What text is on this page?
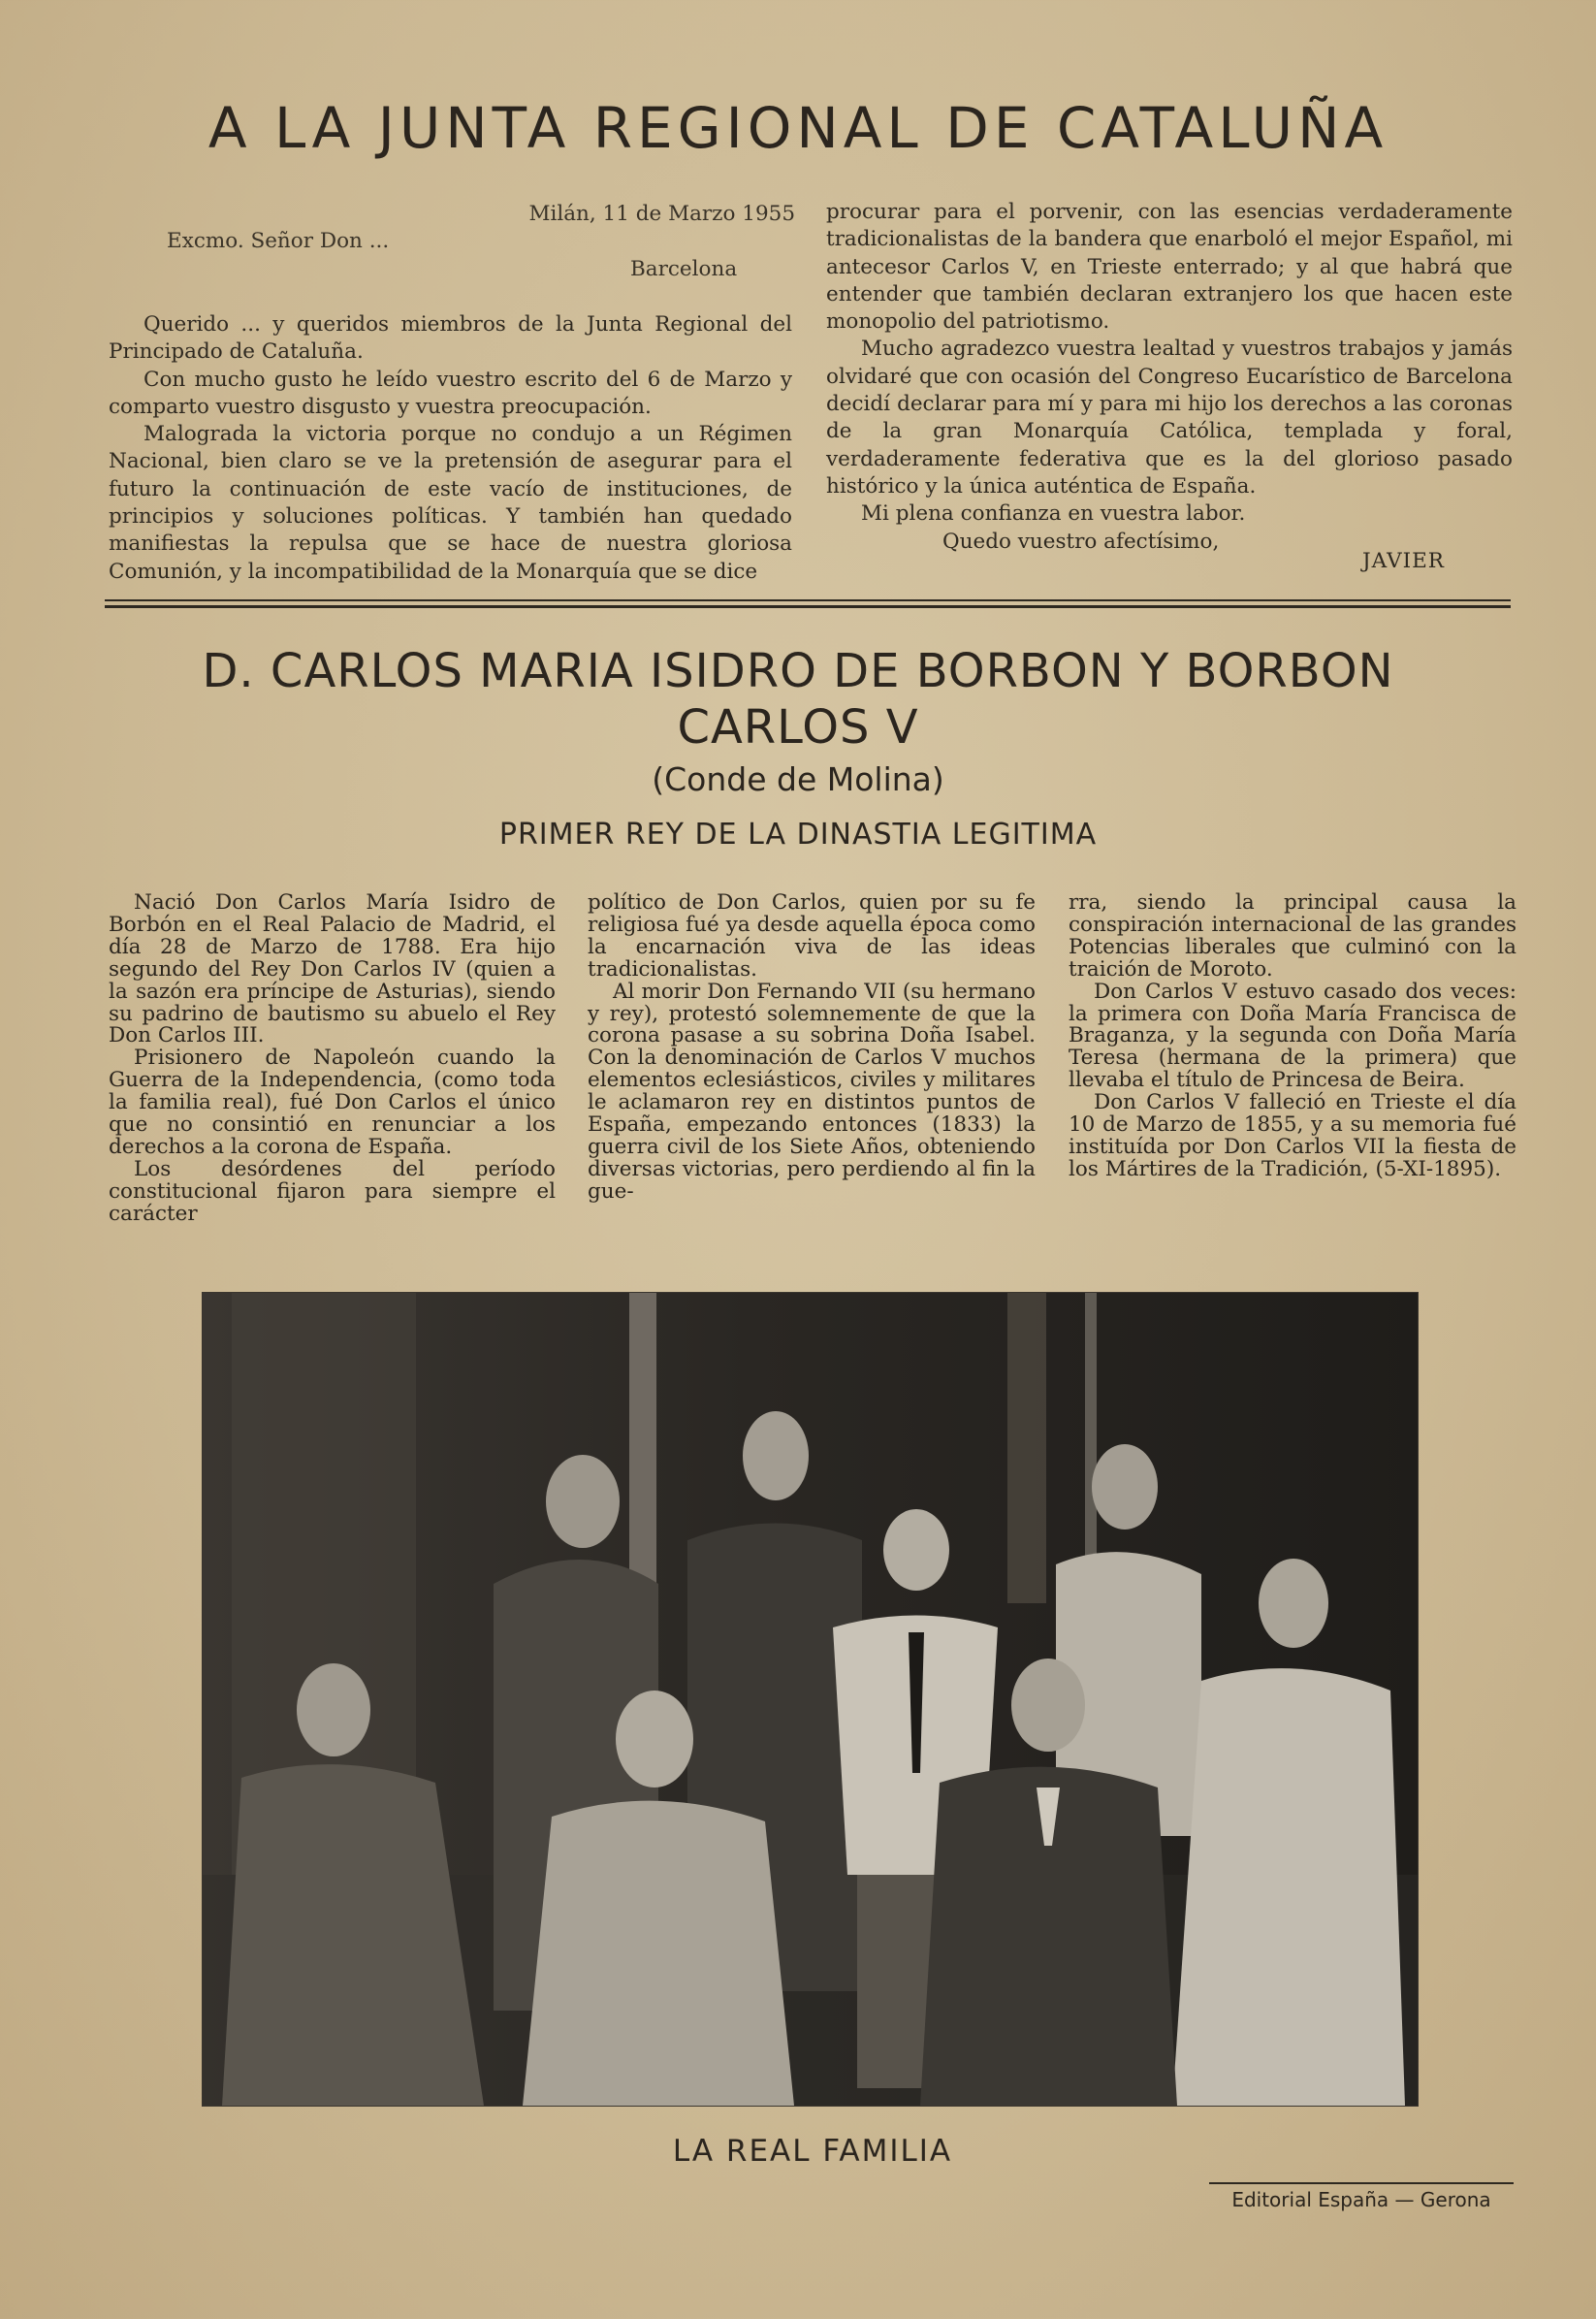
A LA JUNTA REGIONAL DE CATALUÑA
Milán, 11 de Marzo 1955
Excmo. Señor Don ...
Barcelona

Querido ... y queridos miembros de la Junta Regional del Principado de Cataluña.

Con mucho gusto he leído vuestro escrito del 6 de Marzo y comparto vuestro disgusto y vuestra preocupación.

Malograda la victoria porque no condujo a un Régimen Nacional, bien claro se ve la pretensión de asegurar para el futuro la continuación de este vacío de instituciones, de principios y soluciones políticas. Y también han quedado manifiestas la repulsa que se hace de nuestra gloriosa Comunión, y la incompatibilidad de la Monarquía que se dice

procurar para el porvenir, con las esencias verdaderamente tradicionalistas de la bandera que enarboló el mejor Español, mi antecesor Carlos V, en Trieste enterrado; y al que habrá que entender que también declaran extranjero los que hacen este monopolio del patriotismo.

Mucho agradezco vuestra lealtad y vuestros trabajos y jamás olvidaré que con ocasión del Congreso Eucarístico de Barcelona decidí declarar para mí y para mi hijo los derechos a las coronas de la gran Monarquía Católica, templada y foral, verdaderamente federativa que es la del glorioso pasado histórico y la única auténtica de España.

Mi plena confianza en vuestra labor.

Quedo vuestro afectísimo,

JAVIER
D. CARLOS MARIA ISIDRO DE BORBON Y BORBON
CARLOS V
(Conde de Molina)
PRIMER REY DE LA DINASTIA LEGITIMA

Nació Don Carlos María Isidro de Borbón en el Real Palacio de Madrid, el día 28 de Marzo de 1788. Era hijo segundo del Rey Don Carlos IV (quien a la sazón era príncipe de Asturias), siendo su padrino de bautismo su abuelo el Rey Don Carlos III.

Prisionero de Napoleón cuando la Guerra de la Independencia, (como toda la familia real), fué Don Carlos el único que no consintió en renunciar a los derechos a la corona de España.

Los desórdenes del período constitucional fijaron para siempre el carácter

político de Don Carlos, quien por su fe religiosa fué ya desde aquella época como la encarnación viva de las ideas tradicionalistas.

Al morir Don Fernando VII (su hermano y rey), protestó solemnemente de que la corona pasase a su sobrina Doña Isabel. Con la denominación de Carlos V muchos elementos eclesiásticos, civiles y militares le aclamaron rey en distintos puntos de España, empezando entonces (1833) la guerra civil de los Siete Años, obteniendo diversas victorias, pero perdiendo al fin la gue-

rra, siendo la principal causa la conspiración internacional de las grandes Potencias liberales que culminó con la traición de Moroto.

Don Carlos V estuvo casado dos veces: la primera con Doña María Francisca de Braganza, y la segunda con Doña María Teresa (hermana de la primera) que llevaba el título de Princesa de Beira.

Don Carlos V falleció en Trieste el día 10 de Marzo de 1855, y a su memoria fué instituída por Don Carlos VII la fiesta de los Mártires de la Tradición, (5-XI-1895).

LA REAL FAMILIA
Editorial España — Gerona
